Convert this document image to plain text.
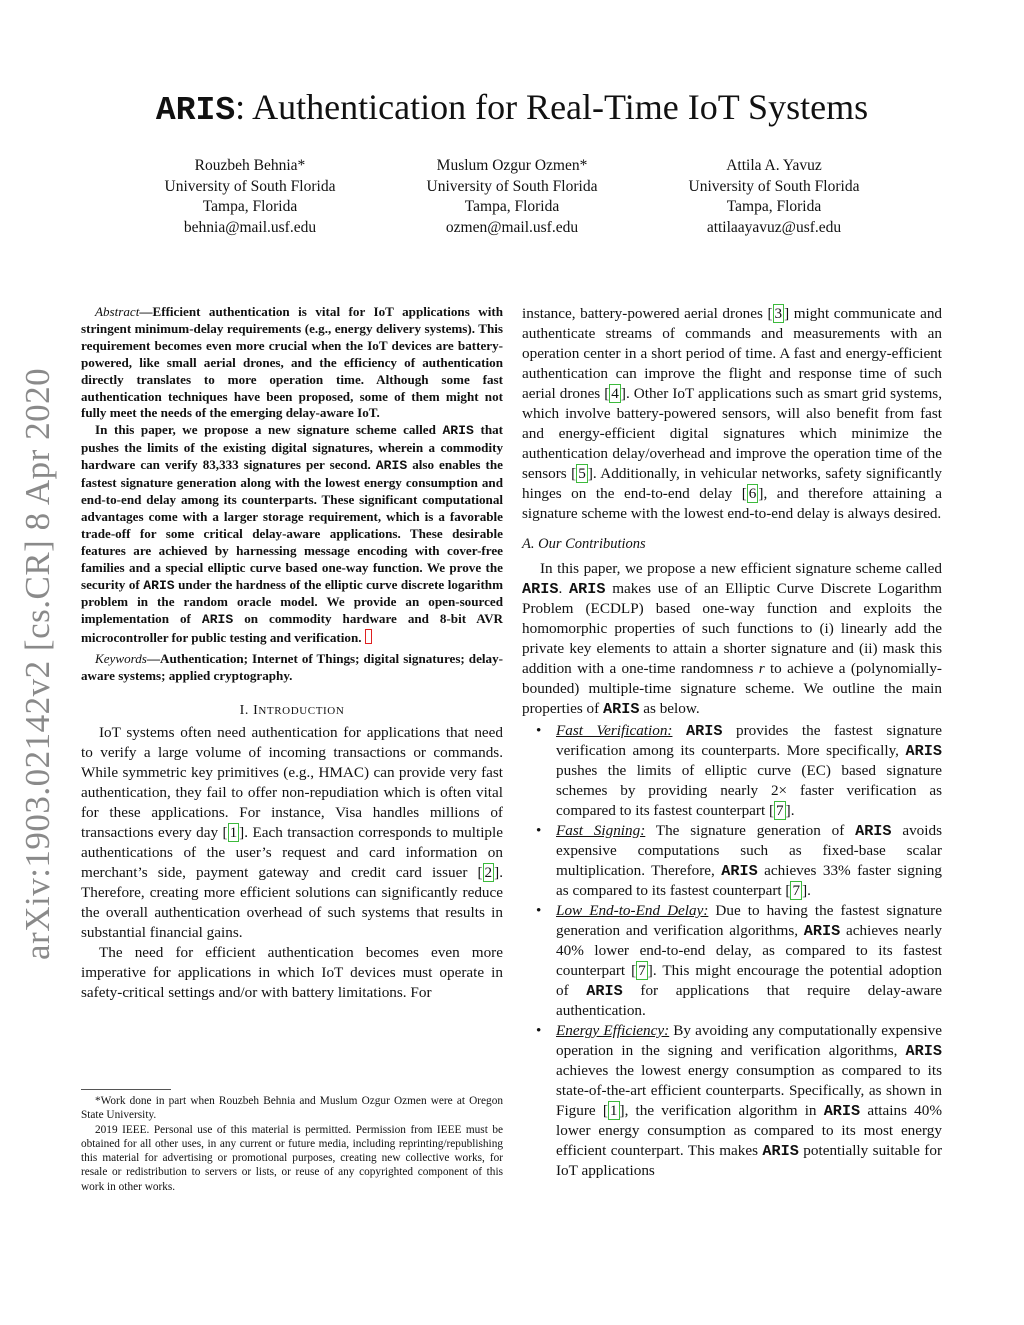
arXiv:1903.02142v2 [cs.CR] 8 Apr 2020
ARIS: Authentication for Real-Time IoT Systems
Rouzbeh Behnia*
University of South Florida
Tampa, Florida
behnia@mail.usf.edu
Muslum Ozgur Ozmen*
University of South Florida
Tampa, Florida
ozmen@mail.usf.edu
Attila A. Yavuz
University of South Florida
Tampa, Florida
attilaayavuz@usf.edu

Abstract—Efficient authentication is vital for IoT applications with stringent minimum-delay requirements (e.g., energy delivery systems). This requirement becomes even more crucial when the IoT devices are battery-powered, like small aerial drones, and the efficiency of authentication directly translates to more operation time. Although some fast authentication techniques have been proposed, some of them might not fully meet the needs of the emerging delay-aware IoT.

In this paper, we propose a new signature scheme called ARIS that pushes the limits of the existing digital signatures, wherein a commodity hardware can verify 83,333 signatures per second. ARIS also enables the fastest signature generation along with the lowest energy consumption and end-to-end delay among its counterparts. These significant computational advantages come with a larger storage requirement, which is a favorable trade-off for some critical delay-aware applications. These desirable features are achieved by harnessing message encoding with cover-free families and a special elliptic curve based one-way function. We prove the security of ARIS under the hardness of the elliptic curve discrete logarithm problem in the random oracle model. We provide an open-sourced implementation of ARIS on commodity hardware and 8-bit AVR microcontroller for public testing and verification.

Keywords—Authentication; Internet of Things; digital signatures; delay-aware systems; applied cryptography.

I. INTRODUCTION

IoT systems often need authentication for applications that need to verify a large volume of incoming transactions or commands. While symmetric key primitives (e.g., HMAC) can provide very fast authentication, they fail to offer non-repudiation which is often vital for these applications. For instance, Visa handles millions of transactions every day [ 1 ]. Each transaction corresponds to multiple authentications of the user’s request and card information on merchant’s side, payment gateway and credit card issuer [ 2 ]. Therefore, creating more efficient solutions can significantly reduce the overall authentication overhead of such systems that results in substantial financial gains.

The need for efficient authentication becomes even more imperative for applications in which IoT devices must operate in safety-critical settings and/or with battery limitations. For

*Work done in part when Rouzbeh Behnia and Muslum Ozgur Ozmen were at Oregon State University.

2019 IEEE. Personal use of this material is permitted. Permission from IEEE must be obtained for all other uses, in any current or future media, including reprinting/republishing this material for advertising or promotional purposes, creating new collective works, for resale or redistribution to servers or lists, or reuse of any copyrighted component of this work in other works.

instance, battery-powered aerial drones [ 3 ] might communicate and authenticate streams of commands and measurements with an operation center in a short period of time. A fast and energy-efficient authentication can improve the flight and response time of such aerial drones [ 4 ]. Other IoT applications such as smart grid systems, which involve battery-powered sensors, will also benefit from fast and energy-efficient digital signatures which minimize the authentication delay/overhead and improve the operation time of the sensors [ 5 ]. Additionally, in vehicular networks, safety significantly hinges on the end-to-end delay [ 6 ], and therefore attaining a signature scheme with the lowest end-to-end delay is always desired.

A. Our Contributions

In this paper, we propose a new efficient signature scheme called ARIS. ARIS makes use of an Elliptic Curve Discrete Logarithm Problem (ECDLP) based one-way function and exploits the homomorphic properties of such functions to (i) linearly add the private key elements to attain a shorter signature and (ii) mask this addition with a one-time randomness r to achieve a (polynomially-bounded) multiple-time signature scheme. We outline the main properties of ARIS as below.

• Fast Verification: ARIS provides the fastest signature verification among its counterparts. More specifically, ARIS pushes the limits of elliptic curve (EC) based signature schemes by providing nearly 2× faster verification as compared to its fastest counterpart [ 7 ].
• Fast Signing: The signature generation of ARIS avoids expensive computations such as fixed-base scalar multiplication. Therefore, ARIS achieves 33% faster signing as compared to its fastest counterpart [ 7 ].
• Low End-to-End Delay: Due to having the fastest signature generation and verification algorithms, ARIS achieves nearly 40% lower end-to-end delay, as compared to its fastest counterpart [ 7 ]. This might encourage the potential adoption of ARIS for applications that require delay-aware authentication.
• Energy Efficiency: By avoiding any computationally expensive operation in the signing and verification algorithms, ARIS achieves the lowest energy consumption as compared to its state-of-the-art efficient counterparts. Specifically, as shown in Figure [ 1 ], the verification algorithm in ARIS attains 40% lower energy consumption as compared to its most energy efficient counterpart. This makes ARIS potentially suitable for IoT applications
